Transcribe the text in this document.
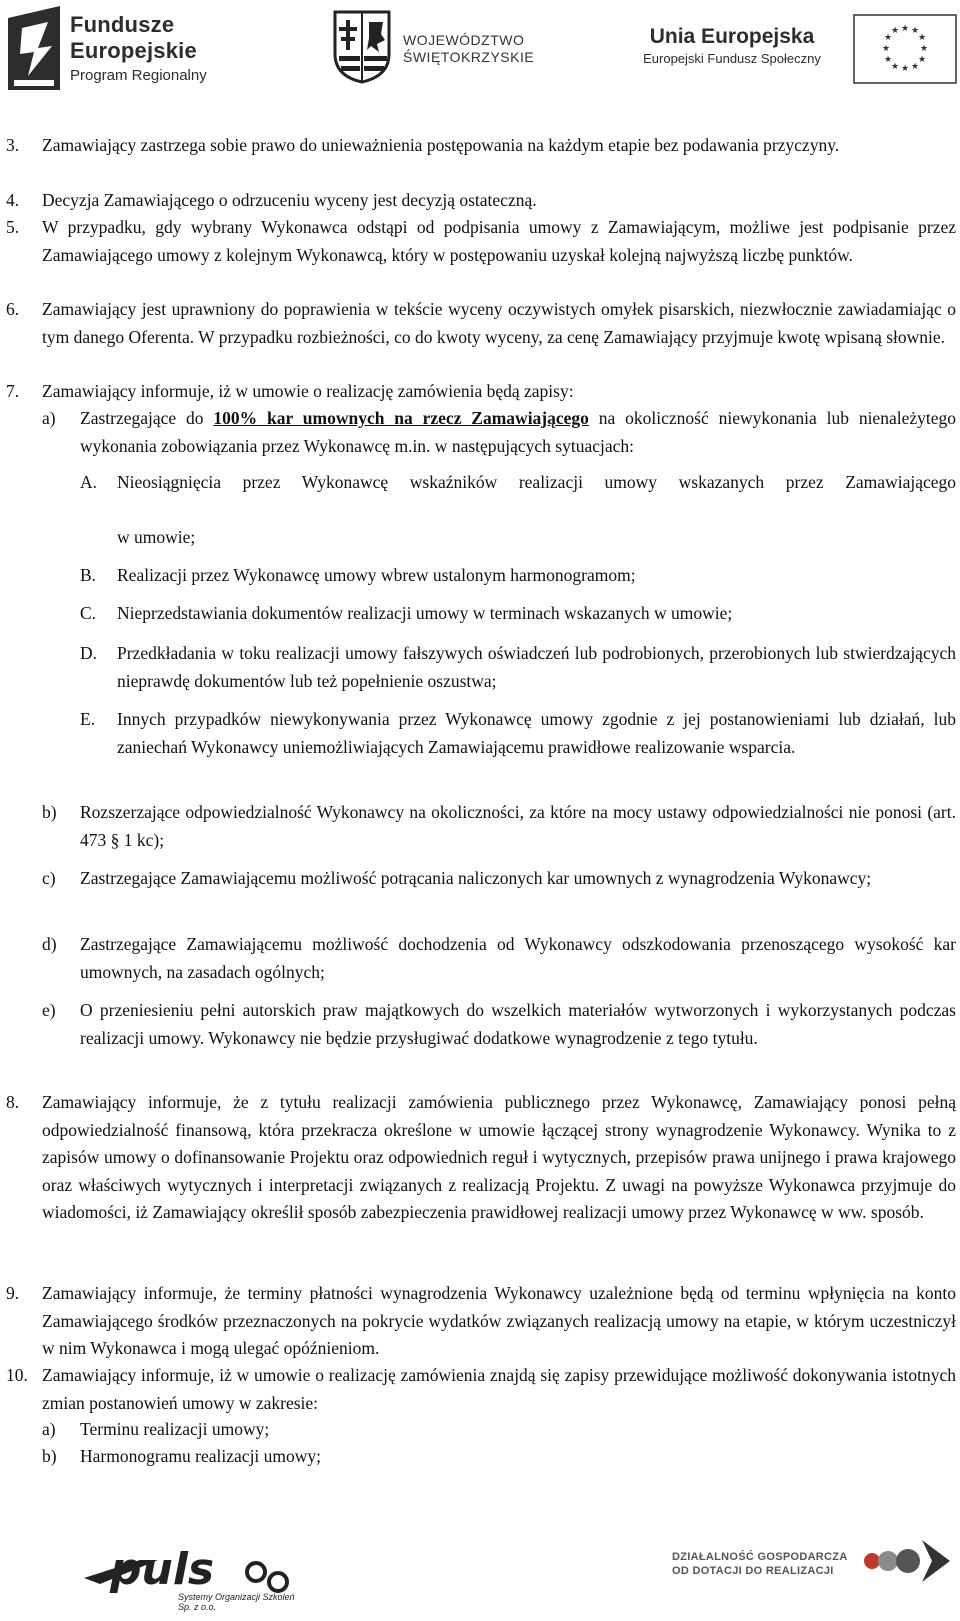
Fundusze
Europejskie
Program Regionalny
WOJEWÓDZTWO
ŚWIĘTOKRZYSKIE
Unia Europejska
Europejski Fundusz Społeczny
★ ★
★
★
★
★
★
★
★
★
★
★
3. Zamawiający zastrzega sobie prawo do unieważnienia postępowania na każdym etapie bez podawania przyczyny.
4. Decyzja Zamawiającego o odrzuceniu wyceny jest decyzją ostateczną.
5. W przypadku, gdy wybrany Wykonawca odstąpi od podpisania umowy z Zamawiającym, możliwe jest podpisanie przez Zamawiającego umowy z kolejnym Wykonawcą, który w postępowaniu uzyskał kolejną najwyższą liczbę punktów.
6. Zamawiający jest uprawniony do poprawienia w tekście wyceny oczywistych omyłek pisarskich, niezwłocznie zawiadamiając o tym danego Oferenta. W przypadku rozbieżności, co do kwoty wyceny, za cenę Zamawiający przyjmuje kwotę wpisaną słownie.
7. Zamawiający informuje, iż w umowie o realizację zamówienia będą zapisy:
a) Zastrzegające do 100% kar umownych na rzecz Zamawiającego na okoliczność niewykonania lub nienależytego wykonania zobowiązania przez Wykonawcę m.in. w następujących sytuacjach:
A. Nieosiągnięcia przez Wykonawcę wskaźników realizacji umowy wskazanych przez Zamawiającego
w umowie;
B. Realizacji przez Wykonawcę umowy wbrew ustalonym harmonogramom;
C. Nieprzedstawiania dokumentów realizacji umowy w terminach wskazanych w umowie;
D. Przedkładania w toku realizacji umowy fałszywych oświadczeń lub podrobionych, przerobionych lub stwierdzających nieprawdę dokumentów lub też popełnienie oszustwa;
E. Innych przypadków niewykonywania przez Wykonawcę umowy zgodnie z jej postanowieniami lub działań, lub zaniechań Wykonawcy uniemożliwiających Zamawiającemu prawidłowe realizowanie wsparcia.
b) Rozszerzające odpowiedzialność Wykonawcy na okoliczności, za które na mocy ustawy odpowiedzialności nie ponosi (art. 473 § 1 kc);
c) Zastrzegające Zamawiającemu możliwość potrącania naliczonych kar umownych z wynagrodzenia Wykonawcy;
d) Zastrzegające Zamawiającemu możliwość dochodzenia od Wykonawcy odszkodowania przenoszącego wysokość kar umownych, na zasadach ogólnych;
e) O przeniesieniu pełni autorskich praw majątkowych do wszelkich materiałów wytworzonych i wykorzystanych podczas realizacji umowy. Wykonawcy nie będzie przysługiwać dodatkowe wynagrodzenie z tego tytułu.
8. Zamawiający informuje, że z tytułu realizacji zamówienia publicznego przez Wykonawcę, Zamawiający ponosi pełną odpowiedzialność finansową, która przekracza określone w umowie łączącej strony wynagrodzenie Wykonawcy. Wynika to z zapisów umowy o dofinansowanie Projektu oraz odpowiednich reguł i wytycznych, przepisów prawa unijnego i prawa krajowego oraz właściwych wytycznych i interpretacji związanych z realizacją Projektu. Z uwagi na powyższe Wykonawca przyjmuje do wiadomości, iż Zamawiający określił sposób zabezpieczenia prawidłowej realizacji umowy przez Wykonawcę w ww. sposób.
9. Zamawiający informuje, że terminy płatności wynagrodzenia Wykonawcy uzależnione będą od terminu wpłynięcia na konto Zamawiającego środków przeznaczonych na pokrycie wydatków związanych realizacją umowy na etapie, w którym uczestniczył w nim Wykonawca i mogą ulegać opóźnieniom.
10. Zamawiający informuje, iż w umowie o realizację zamówienia znajdą się zapisy przewidujące możliwość dokonywania istotnych zmian postanowień umowy w zakresie:
a) Terminu realizacji umowy;
b) Harmonogramu realizacji umowy;
puls
Systemy Organizacji Szkoleń Sp. z o.o.
DZIAŁALNOŚĆ GOSPODARCZA
OD DOTACJI DO REALIZACJI
